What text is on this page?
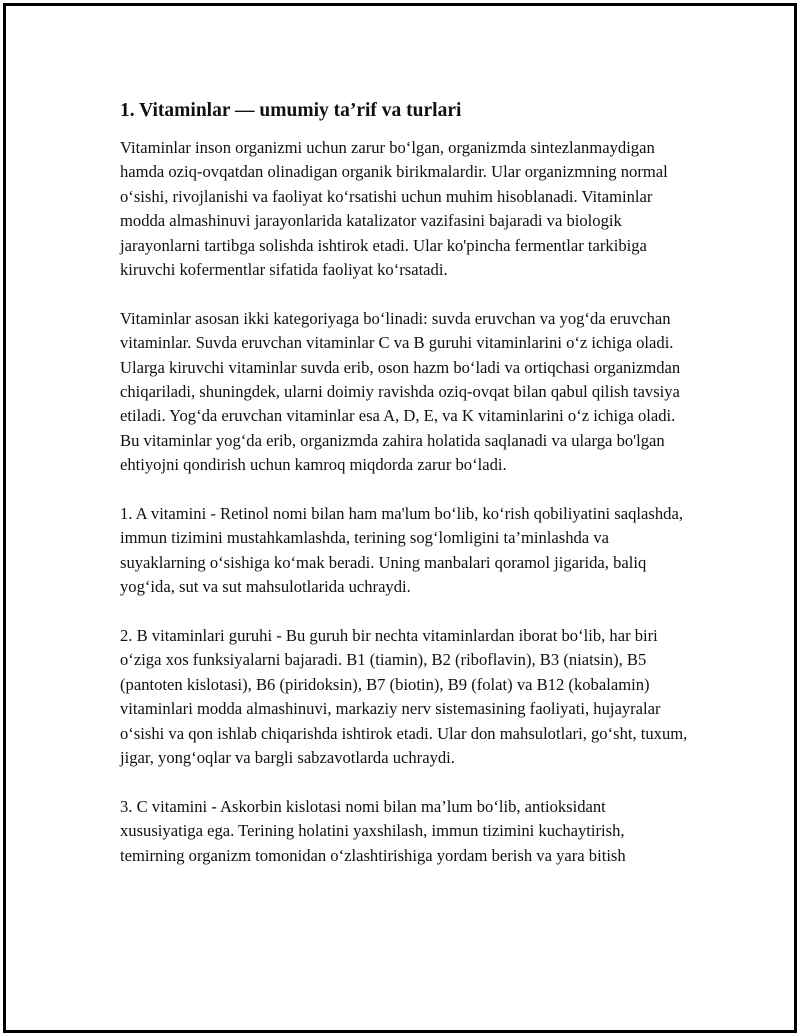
1. Vitaminlar — umumiy ta’rif va turlari

Vitaminlar inson organizmi uchun zarur bo‘lgan, organizmda sintezlanmaydigan hamda oziq-ovqatdan olinadigan organik birikmalardir. Ular organizmning normal o‘sishi, rivojlanishi va faoliyat ko‘rsatishi uchun muhim hisoblanadi. Vitaminlar modda almashinuvi jarayonlarida katalizator vazifasini bajaradi va biologik jarayonlarni tartibga solishda ishtirok etadi. Ular ko'pincha fermentlar tarkibiga kiruvchi kofermentlar sifatida faoliyat ko‘rsatadi.

Vitaminlar asosan ikki kategoriyaga bo‘linadi: suvda eruvchan va yog‘da eruvchan vitaminlar. Suvda eruvchan vitaminlar C va B guruhi vitaminlarini o‘z ichiga oladi. Ularga kiruvchi vitaminlar suvda erib, oson hazm bo‘ladi va ortiqchasi organizmdan chiqariladi, shuningdek, ularni doimiy ravishda oziq-ovqat bilan qabul qilish tavsiya etiladi. Yog‘da eruvchan vitaminlar esa A, D, E, va K vitaminlarini o‘z ichiga oladi. Bu vitaminlar yog‘da erib, organizmda zahira holatida saqlanadi va ularga bo'lgan ehtiyojni qondirish uchun kamroq miqdorda zarur bo‘ladi.

1. A vitamini - Retinol nomi bilan ham ma'lum bo‘lib, ko‘rish qobiliyatini saqlashda, immun tizimini mustahkamlashda, terining sog‘lomligini ta’minlashda va suyaklarning o‘sishiga ko‘mak beradi. Uning manbalari qoramol jigarida, baliq yog‘ida, sut va sut mahsulotlarida uchraydi.

2. B vitaminlari guruhi - Bu guruh bir nechta vitaminlardan iborat bo‘lib, har biri o‘ziga xos funksiyalarni bajaradi. B1 (tiamin), B2 (riboflavin), B3 (niatsin), B5 (pantoten kislotasi), B6 (piridoksin), B7 (biotin), B9 (folat) va B12 (kobalamin) vitaminlari modda almashinuvi, markaziy nerv sistemasining faoliyati, hujayralar o‘sishi va qon ishlab chiqarishda ishtirok etadi. Ular don mahsulotlari, go‘sht, tuxum, jigar, yong‘oqlar va bargli sabzavotlarda uchraydi.

3. C vitamini - Askorbin kislotasi nomi bilan ma’lum bo‘lib, antioksidant xususiyatiga ega. Terining holatini yaxshilash, immun tizimini kuchaytirish, temirning organizm tomonidan o‘zlashtirishiga yordam berish va yara bitish
